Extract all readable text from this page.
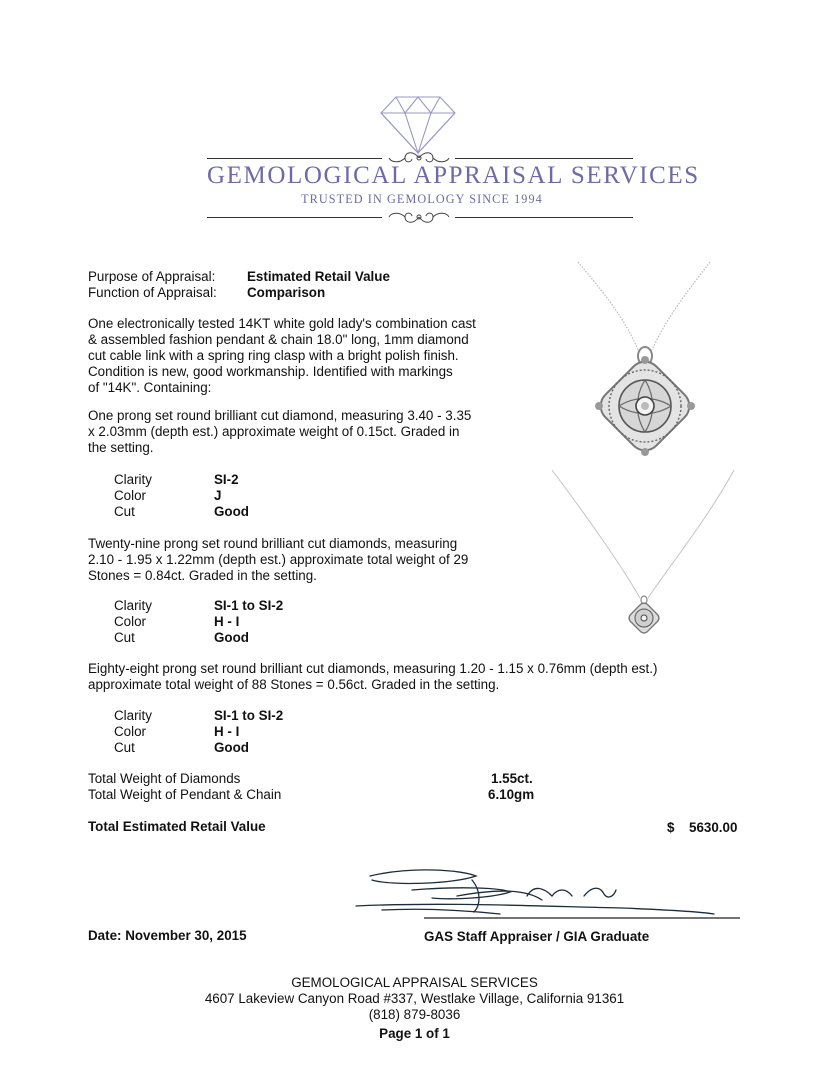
GEMOLOGICAL APPRAISAL SERVICES
TRUSTED IN GEMOLOGY SINCE 1994
Purpose of Appraisal: Estimated Retail Value
Function of Appraisal: Comparison
One electronically tested 14KT white gold lady's combination cast
& assembled fashion pendant & chain 18.0" long, 1mm diamond
cut cable link with a spring ring clasp with a bright polish finish.
Condition is new, good workmanship. Identified with markings
of "14K". Containing:
One prong set round brilliant cut diamond, measuring 3.40 - 3.35
x 2.03mm (depth est.) approximate weight of 0.15ct. Graded in
the setting.
Clarity	SI-2
Color	J
Cut	Good
Twenty-nine prong set round brilliant cut diamonds, measuring
2.10 - 1.95 x 1.22mm (depth est.) approximate total weight of 29
Stones = 0.84ct. Graded in the setting.
Clarity	SI-1 to SI-2
Color	H - I
Cut	Good
Eighty-eight prong set round brilliant cut diamonds, measuring 1.20 - 1.15 x 0.76mm (depth est.)
approximate total weight of 88 Stones = 0.56ct. Graded in the setting.
Clarity	SI-1 to SI-2
Color	H - I
Cut	Good
Total Weight of Diamonds	1.55ct.
Total Weight of Pendant & Chain	6.10gm
Total Estimated Retail Value	$ 5630.00
Date: November 30, 2015	GAS Staff Appraiser / GIA Graduate
GEMOLOGICAL APPRAISAL SERVICES
4607 Lakeview Canyon Road #337, Westlake Village, California 91361
(818) 879-8036
Page 1 of 1
